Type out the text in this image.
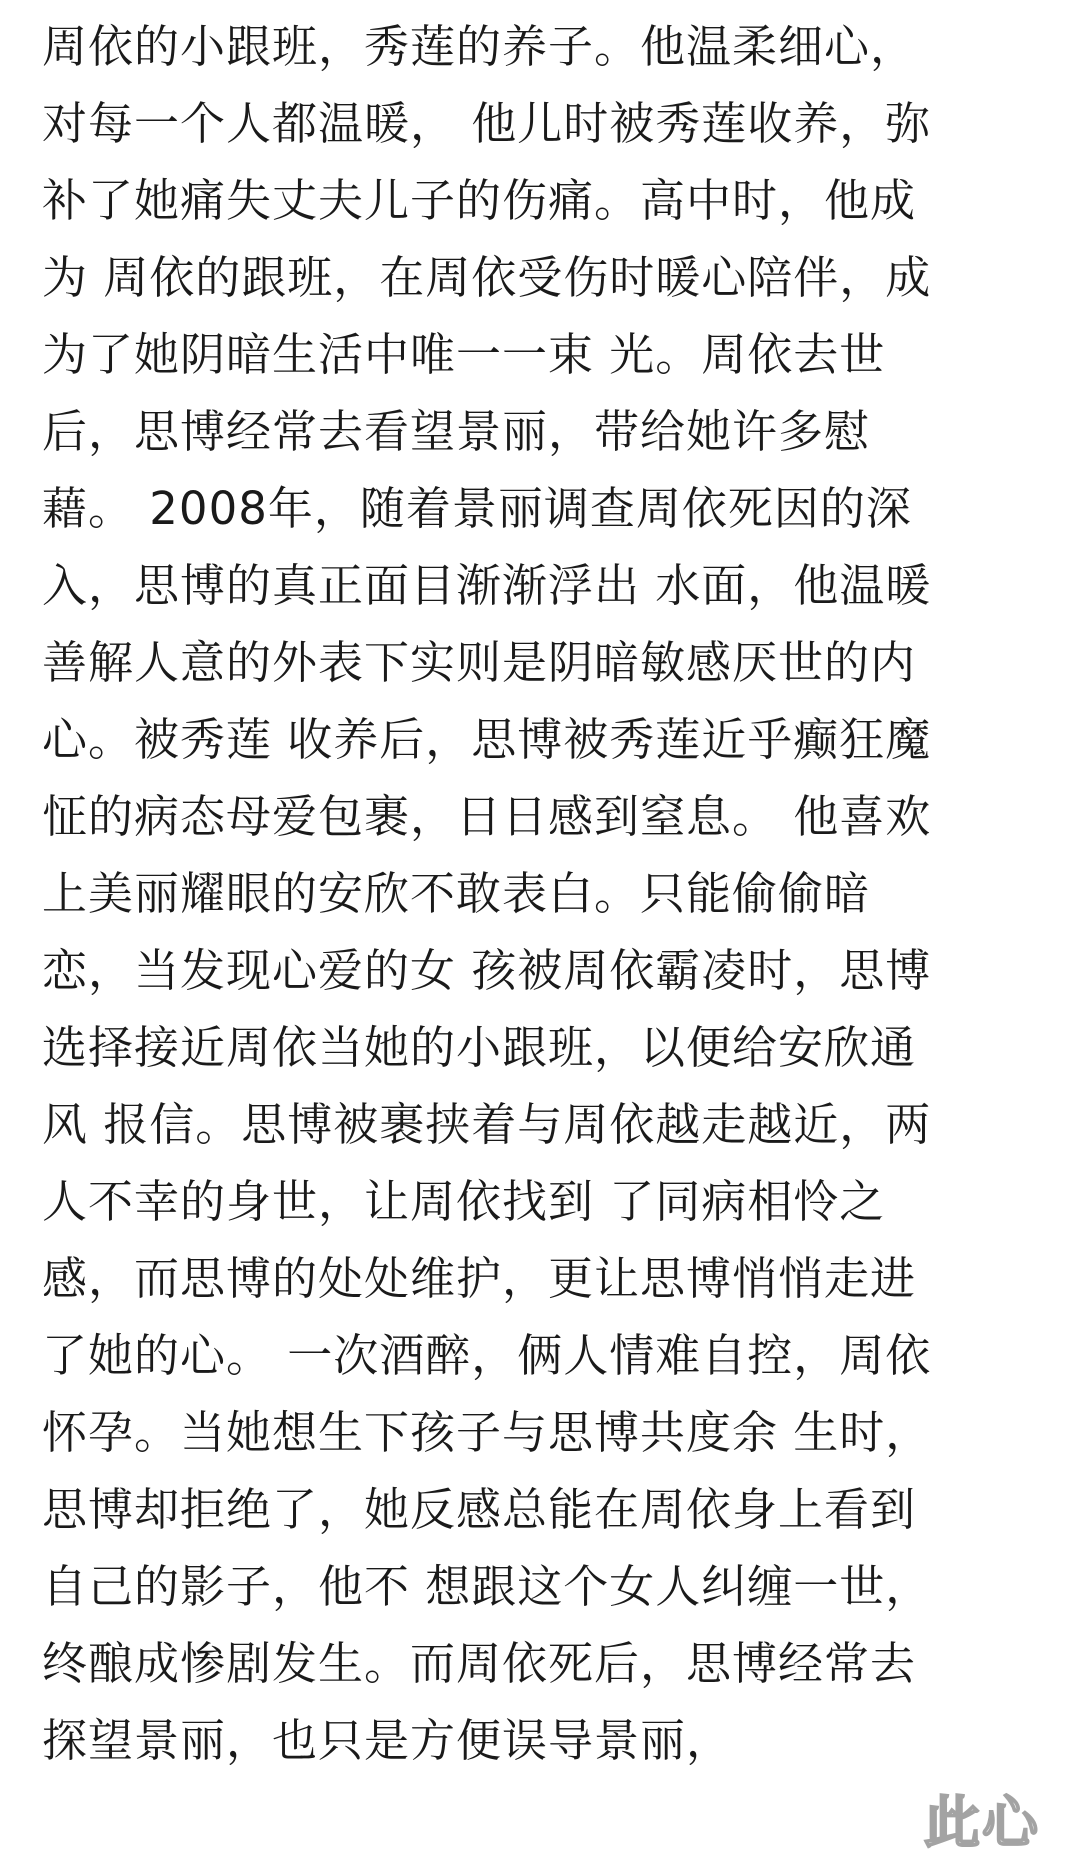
周依的小跟班，秀莲的养子。他温柔细心，
对每一个人都温暖， 他儿时被秀莲收养，弥
补了她痛失丈夫儿子的伤痛。高中时，他成
为 周依的跟班，在周依受伤时暖心陪伴，成
为了她阴暗生活中唯一一束 光。周依去世
后，思博经常去看望景丽，带给她许多慰
藉。 2008年，随着景丽调查周依死因的深
入，思博的真正面目渐渐浮出 水面，他温暖
善解人意的外表下实则是阴暗敏感厌世的内
心。被秀莲 收养后，思博被秀莲近乎癫狂魔
怔的病态母爱包裹，日日感到窒息。 他喜欢
上美丽耀眼的安欣不敢表白。只能偷偷暗
恋，当发现心爱的女 孩被周依霸凌时，思博
选择接近周依当她的小跟班，以便给安欣通
风 报信。思博被裹挟着与周依越走越近，两
人不幸的身世，让周依找到 了同病相怜之
感，而思博的处处维护，更让思博悄悄走进
了她的心。 一次酒醉，俩人情难自控，周依
怀孕。当她想生下孩子与思博共度余 生时，
思博却拒绝了，她反感总能在周依身上看到
自己的影子，他不 想跟这个女人纠缠一世，
终酿成惨剧发生。而周依死后，思博经常去
探望景丽，也只是方便误导景丽，
此心
